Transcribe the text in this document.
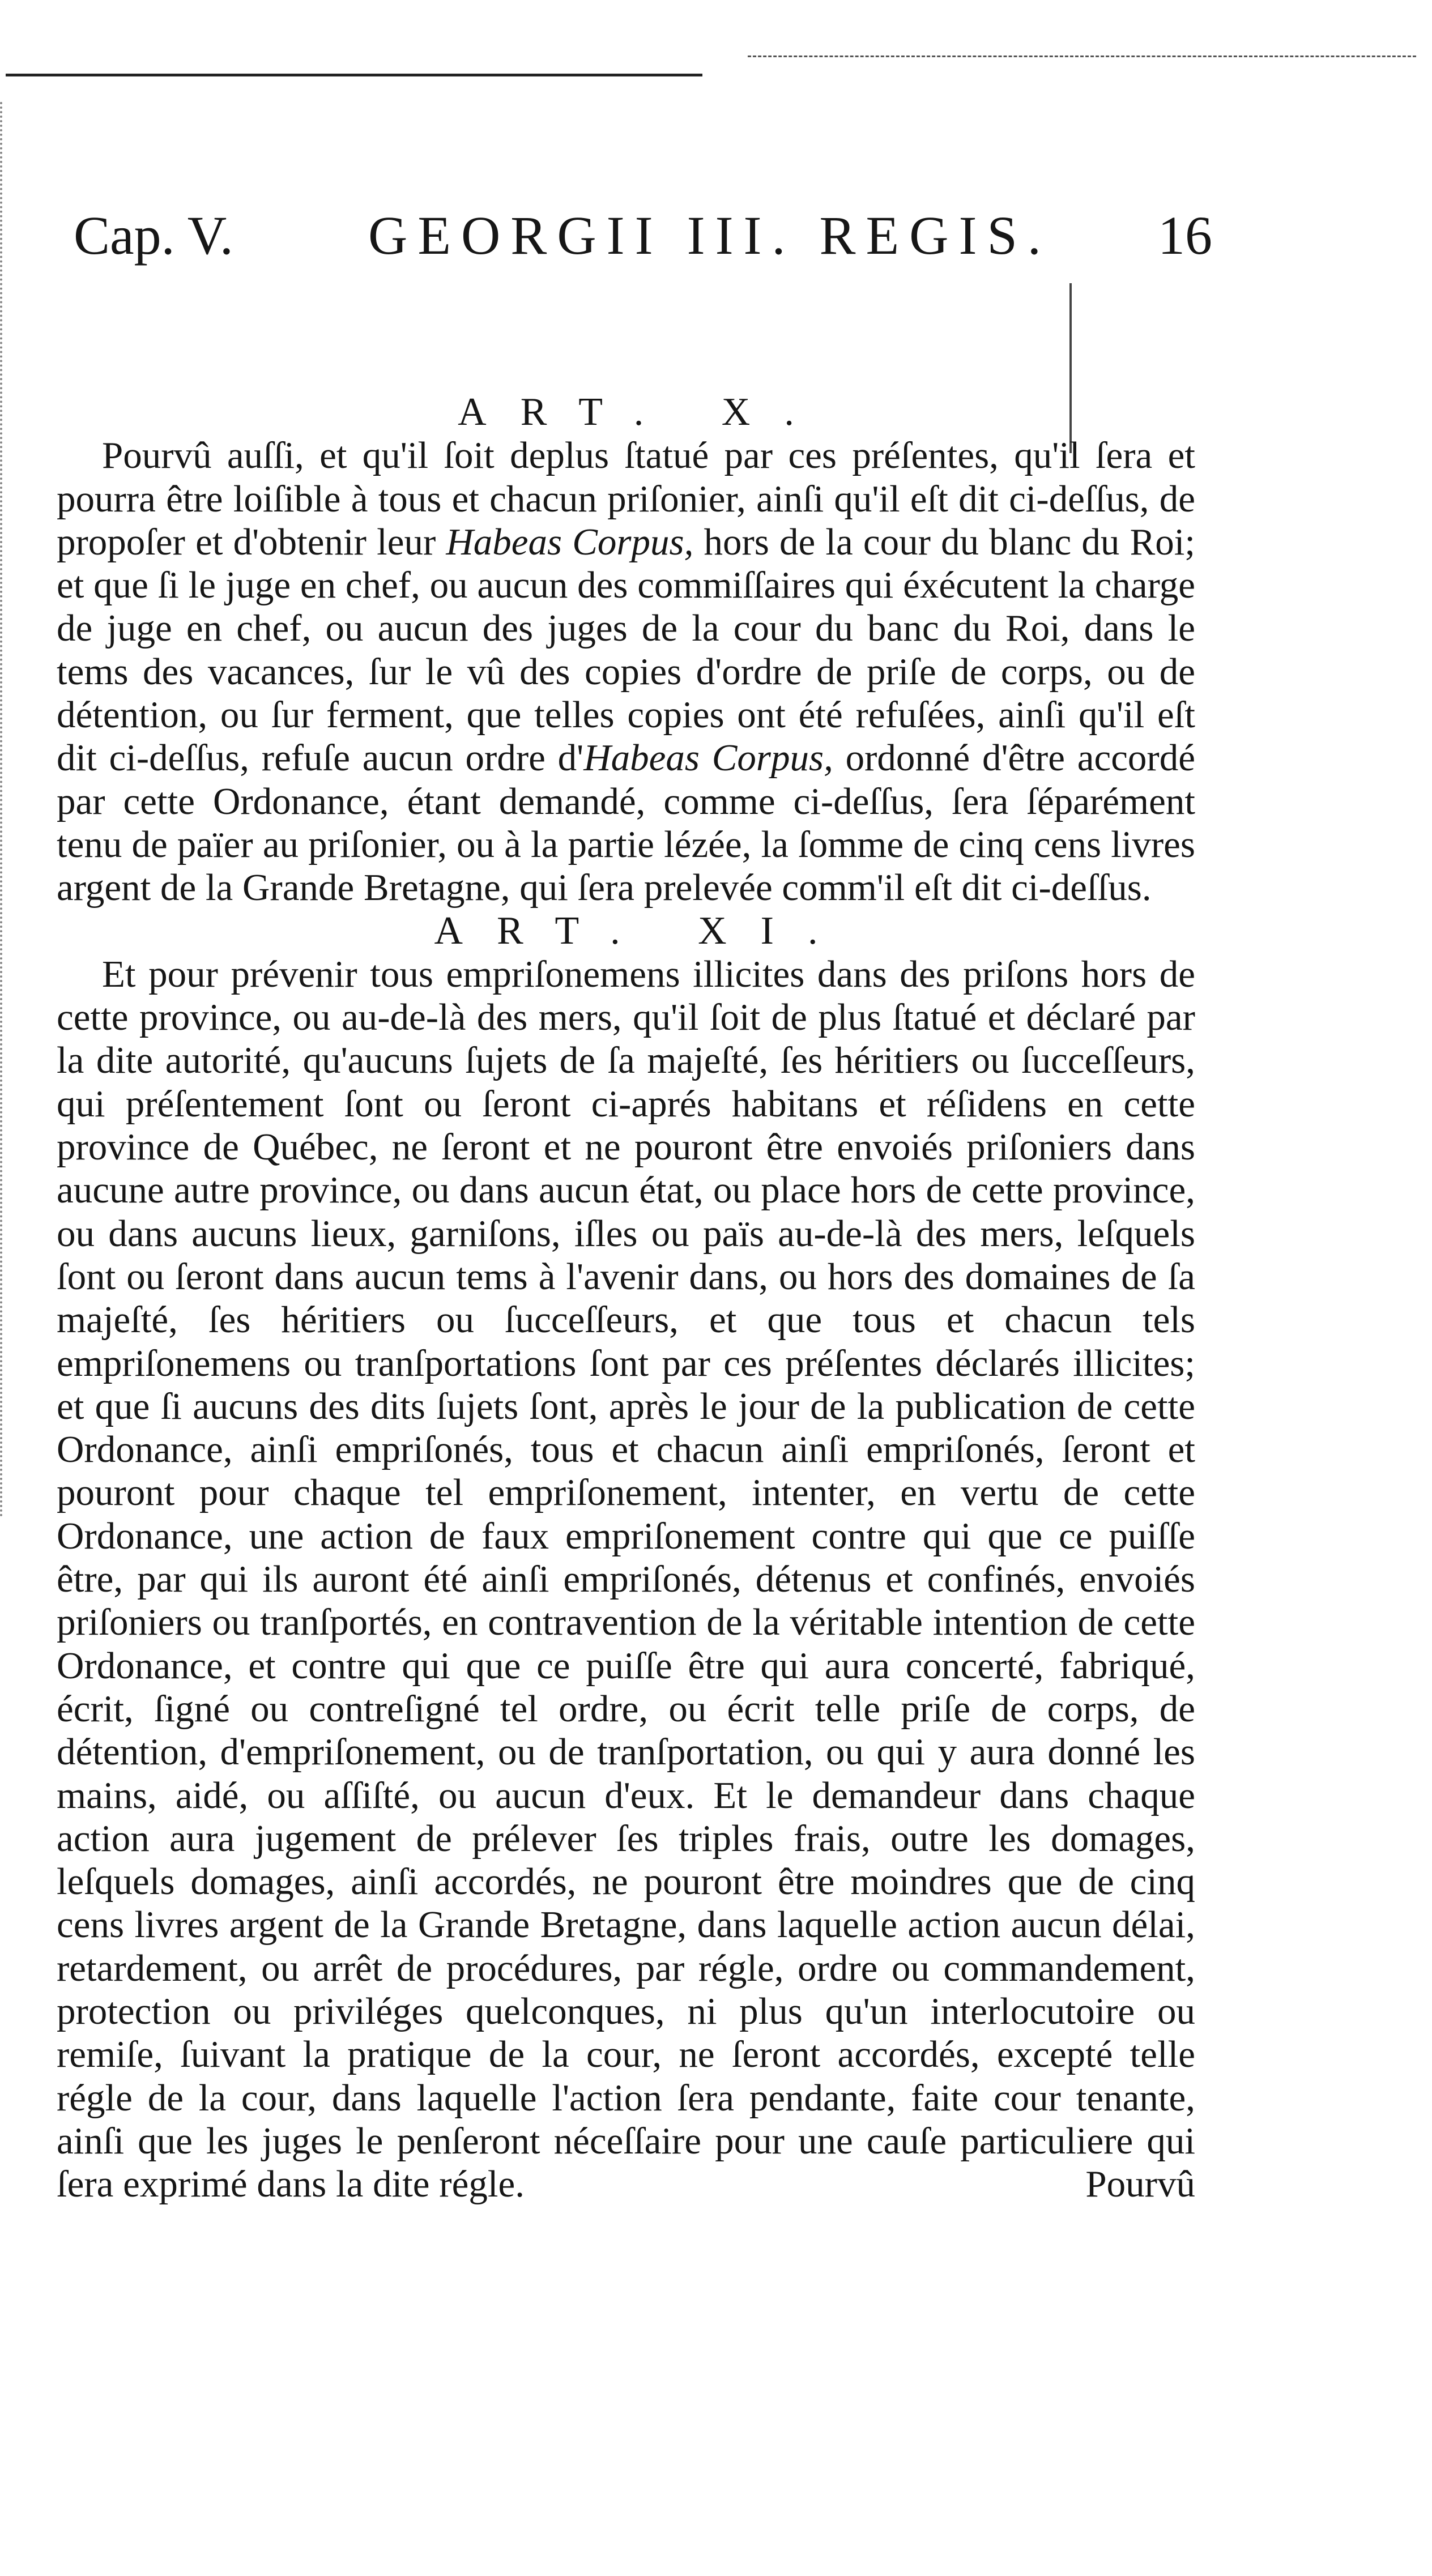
Cap. V. GEORGII III. REGIS. 16

ART. X.

Pourvû auſſi, et qu'il ſoit deplus ſtatué par ces préſentes, qu'il ſera et pourra être loiſible à tous et chacun priſonier, ainſi qu'il eſt dit ci-deſſus, de propoſer et d'obtenir leur Habeas Corpus, hors de la cour du blanc du Roi; et que ſi le juge en chef, ou aucun des commiſſaires qui éxécutent la charge de juge en chef, ou aucun des juges de la cour du banc du Roi, dans le tems des vacances, ſur le vû des copies d'ordre de priſe de corps, ou de détention, ou ſur ferment, que telles copies ont été refuſées, ainſi qu'il eſt dit ci-deſſus, refuſe aucun ordre d'Habeas Corpus, ordonné d'être accordé par cette Ordonance, étant demandé, comme ci-deſſus, ſera ſéparément tenu de païer au priſonier, ou à la partie lézée, la ſomme de cinq cens livres argent de la Grande Bretagne, qui ſera prelevée comm'il eſt dit ci-deſſus.

ART. XI.

Et pour prévenir tous empriſonemens illicites dans des priſons hors de cette province, ou au-de-là des mers, qu'il ſoit de plus ſtatué et déclaré par la dite autorité, qu'aucuns ſujets de ſa majeſté, ſes héritiers ou ſucceſſeurs, qui préſentement ſont ou ſeront ci-aprés habitans et réſidens en cette province de Québec, ne ſeront et ne pouront être envoiés priſoniers dans aucune autre province, ou dans aucun état, ou place hors de cette province, ou dans aucuns lieux, garniſons, iſles ou païs au-de-là des mers, leſquels ſont ou ſeront dans aucun tems à l'avenir dans, ou hors des domaines de ſa majeſté, ſes héritiers ou ſucceſſeurs, et que tous et chacun tels empriſonemens ou tranſportations ſont par ces préſentes déclarés illicites; et que ſi aucuns des dits ſujets ſont, après le jour de la publication de cette Ordonance, ainſi empriſonés, tous et chacun ainſi empriſonés, ſeront et pouront pour chaque tel empriſonement, intenter, en vertu de cette Ordonance, une action de faux empriſonement contre qui que ce puiſſe être, par qui ils auront été ainſi empriſonés, détenus et confinés, envoiés priſoniers ou tranſportés, en contravention de la véritable intention de cette Ordonance, et contre qui que ce puiſſe être qui aura concerté, fabriqué, écrit, ſigné ou contreſigné tel ordre, ou écrit telle priſe de corps, de détention, d'empriſonement, ou de tranſportation, ou qui y aura donné les mains, aidé, ou aſſiſté, ou aucun d'eux. Et le demandeur dans chaque action aura jugement de prélever ſes triples frais, outre les domages, leſquels domages, ainſi accordés, ne pouront être moindres que de cinq cens livres argent de la Grande Bretagne, dans laquelle action aucun délai, retardement, ou arrêt de procédures, par régle, ordre ou commandement, protection ou priviléges quelconques, ni plus qu'un interlocutoire ou remiſe, ſuivant la pratique de la cour, ne ſeront accordés, excepté telle régle de la cour, dans laquelle l'action ſera pendante, faite cour tenante, ainſi que les juges le penſeront néceſſaire pour une cauſe particuliere qui ſera exprimé dans la dite régle.	Pourvû
